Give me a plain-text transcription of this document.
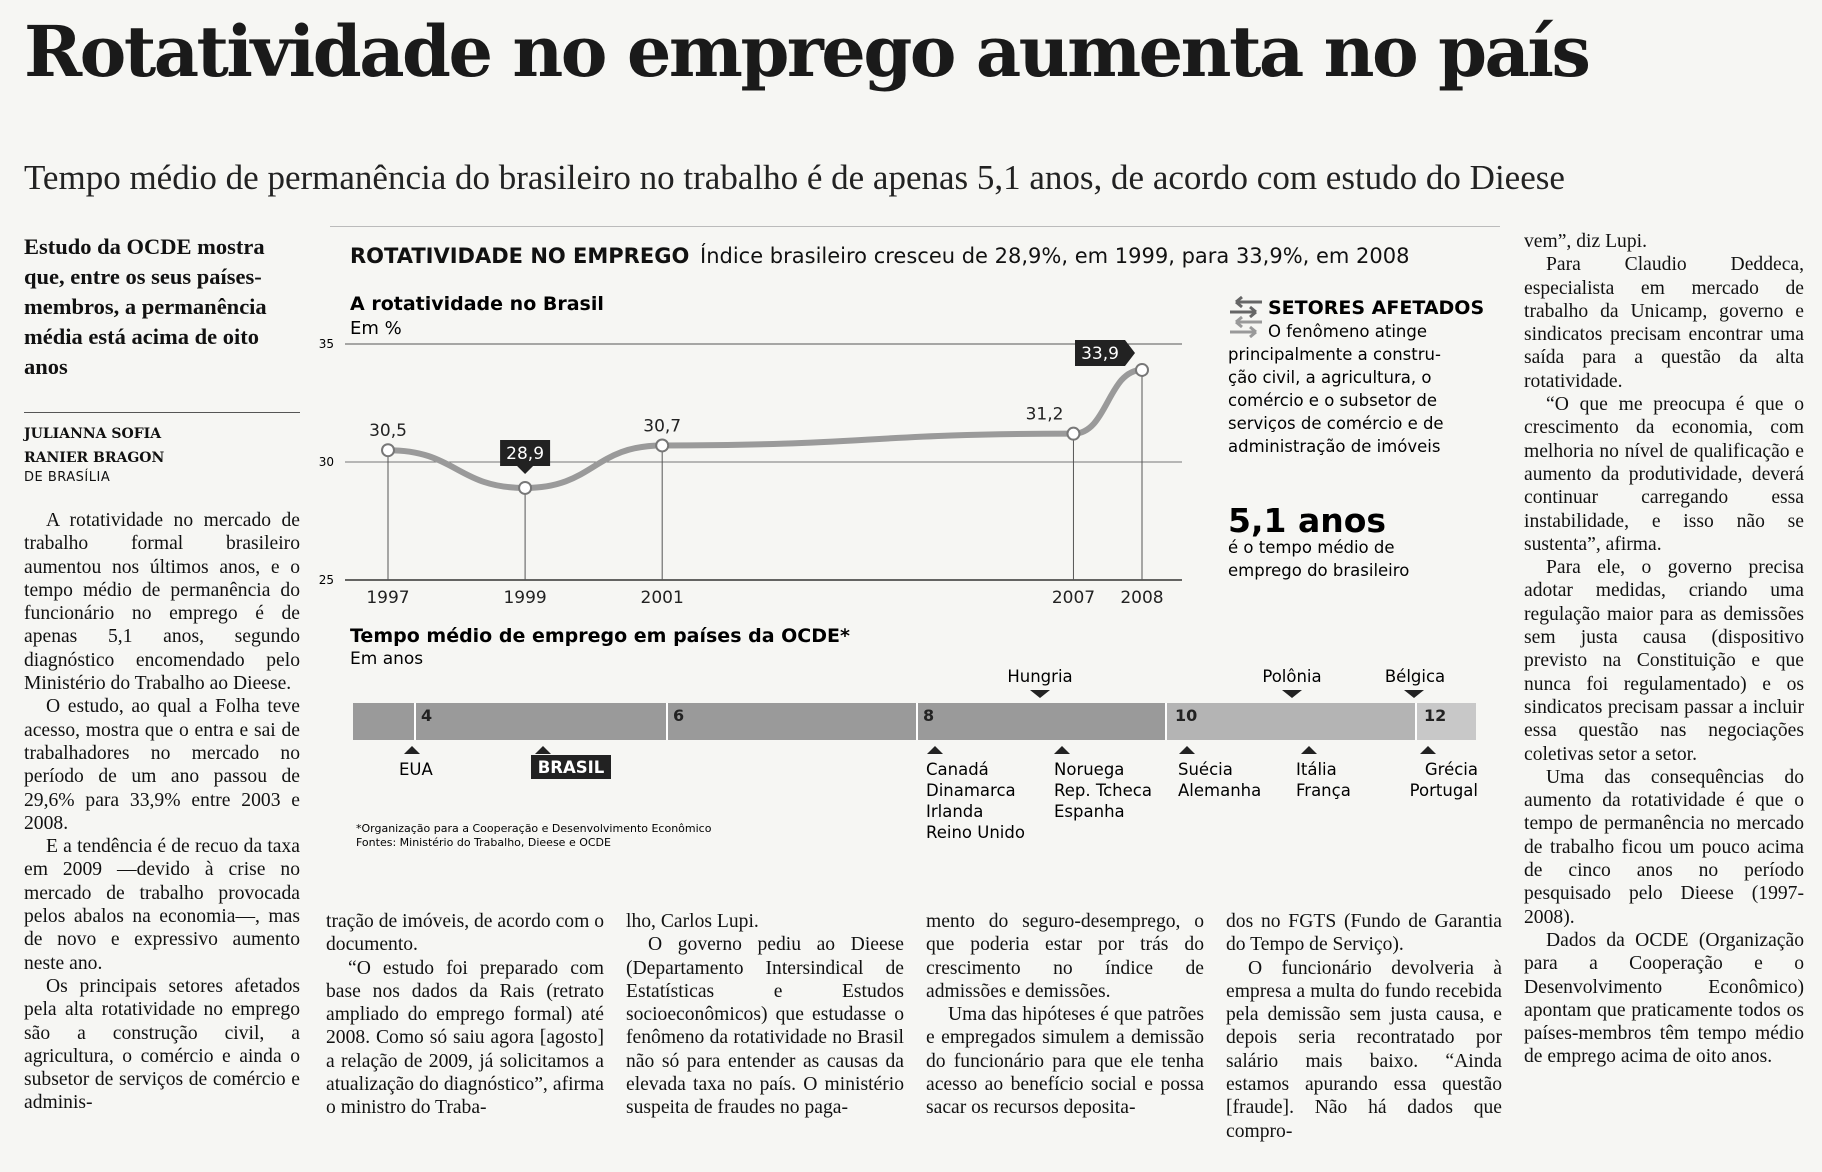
Rotatividade no emprego aumenta no país
Tempo médio de permanência do brasileiro no trabalho é de apenas 5,1 anos, de acordo com estudo do Dieese
Estudo da OCDE mostra que, entre os seus países-membros, a permanência média está acima de oito anos
JULIANNA SOFIA
RANIER BRAGON
DE BRASÍLIA

A rotatividade no mercado de trabalho formal brasileiro aumentou nos últimos anos, e o tempo médio de permanência do funcionário no emprego é de apenas 5,1 anos, segundo diagnóstico encomendado pelo Ministério do Trabalho ao Dieese.

O estudo, ao qual a Folha teve acesso, mostra que o entra e sai de trabalhadores no mercado no período de um ano passou de 29,6% para 33,9% entre 2003 e 2008.

E a tendência é de recuo da taxa em 2009 —devido à crise no mercado de trabalho provocada pelos abalos na economia—, mas de novo e expressivo aumento neste ano.

Os principais setores afetados pela alta rotatividade no emprego são a construção civil, a agricultura, o comércio e ainda o subsetor de serviços de comércio e adminis-

ROTATIVIDADE NO EMPREGO Índice brasileiro cresceu de 28,9%, em 1999, para 33,9%, em 2008
A rotatividade no Brasil
Em %
35
30
25
30,5
28,9
30,7
31,2
33,9
1997	1999	2001	2007 2008
SETORES AFETADOS
O fenômeno atinge
principalmente a constru-
ção civil, a agricultura, o
comércio e o subsetor de
serviços de comércio e de
administração de imóveis
5,1 anos
é o tempo médio de
emprego do brasileiro
Tempo médio de emprego em países da OCDE*
Em anos
4	6	8	10	12
Hungria	Polônia	Bélgica
EUA	BRASIL	Canadá
Dinamarca
Irlanda
Reino Unido
Noruega
Rep. Tcheca
Espanha
Suécia
Alemanha
Itália
França
Grécia
Portugal
*Organização para a Cooperação e Desenvolvimento Econômico
Fontes: Ministério do Trabalho, Dieese e OCDE

tração de imóveis, de acordo com o documento.

“O estudo foi preparado com base nos dados da Rais (retrato ampliado do emprego formal) até 2008. Como só saiu agora [agosto] a relação de 2009, já solicitamos a atualização do diagnóstico”, afirma o ministro do Traba-

lho, Carlos Lupi.

O governo pediu ao Dieese (Departamento Intersindical de Estatísticas e Estudos socioeconômicos) que estudasse o fenômeno da rotatividade no Brasil não só para entender as causas da elevada taxa no país. O ministério suspeita de fraudes no paga-

mento do seguro-desemprego, o que poderia estar por trás do crescimento no índice de admissões e demissões.

Uma das hipóteses é que patrões e empregados simulem a demissão do funcionário para que ele tenha acesso ao benefício social e possa sacar os recursos deposita-

dos no FGTS (Fundo de Garantia do Tempo de Serviço).

O funcionário devolveria à empresa a multa do fundo recebida pela demissão sem justa causa, e depois seria recontratado por salário mais baixo. “Ainda estamos apurando essa questão [fraude]. Não há dados que compro-

vem”, diz Lupi.

Para Claudio Deddeca, especialista em mercado de trabalho da Unicamp, governo e sindicatos precisam encontrar uma saída para a questão da alta rotatividade.

“O que me preocupa é que o crescimento da economia, com melhoria no nível de qualificação e aumento da produtividade, deverá continuar carregando essa instabilidade, e isso não se sustenta”, afirma.

Para ele, o governo precisa adotar medidas, criando uma regulação maior para as demissões sem justa causa (dispositivo previsto na Constituição e que nunca foi regulamentado) e os sindicatos precisam passar a incluir essa questão nas negociações coletivas setor a setor.

Uma das consequências do aumento da rotatividade é que o tempo de permanência no mercado de trabalho ficou um pouco acima de cinco anos no período pesquisado pelo Dieese (1997-2008).

Dados da OCDE (Organização para a Cooperação e o Desenvolvimento Econômico) apontam que praticamente todos os países-membros têm tempo médio de emprego acima de oito anos.
